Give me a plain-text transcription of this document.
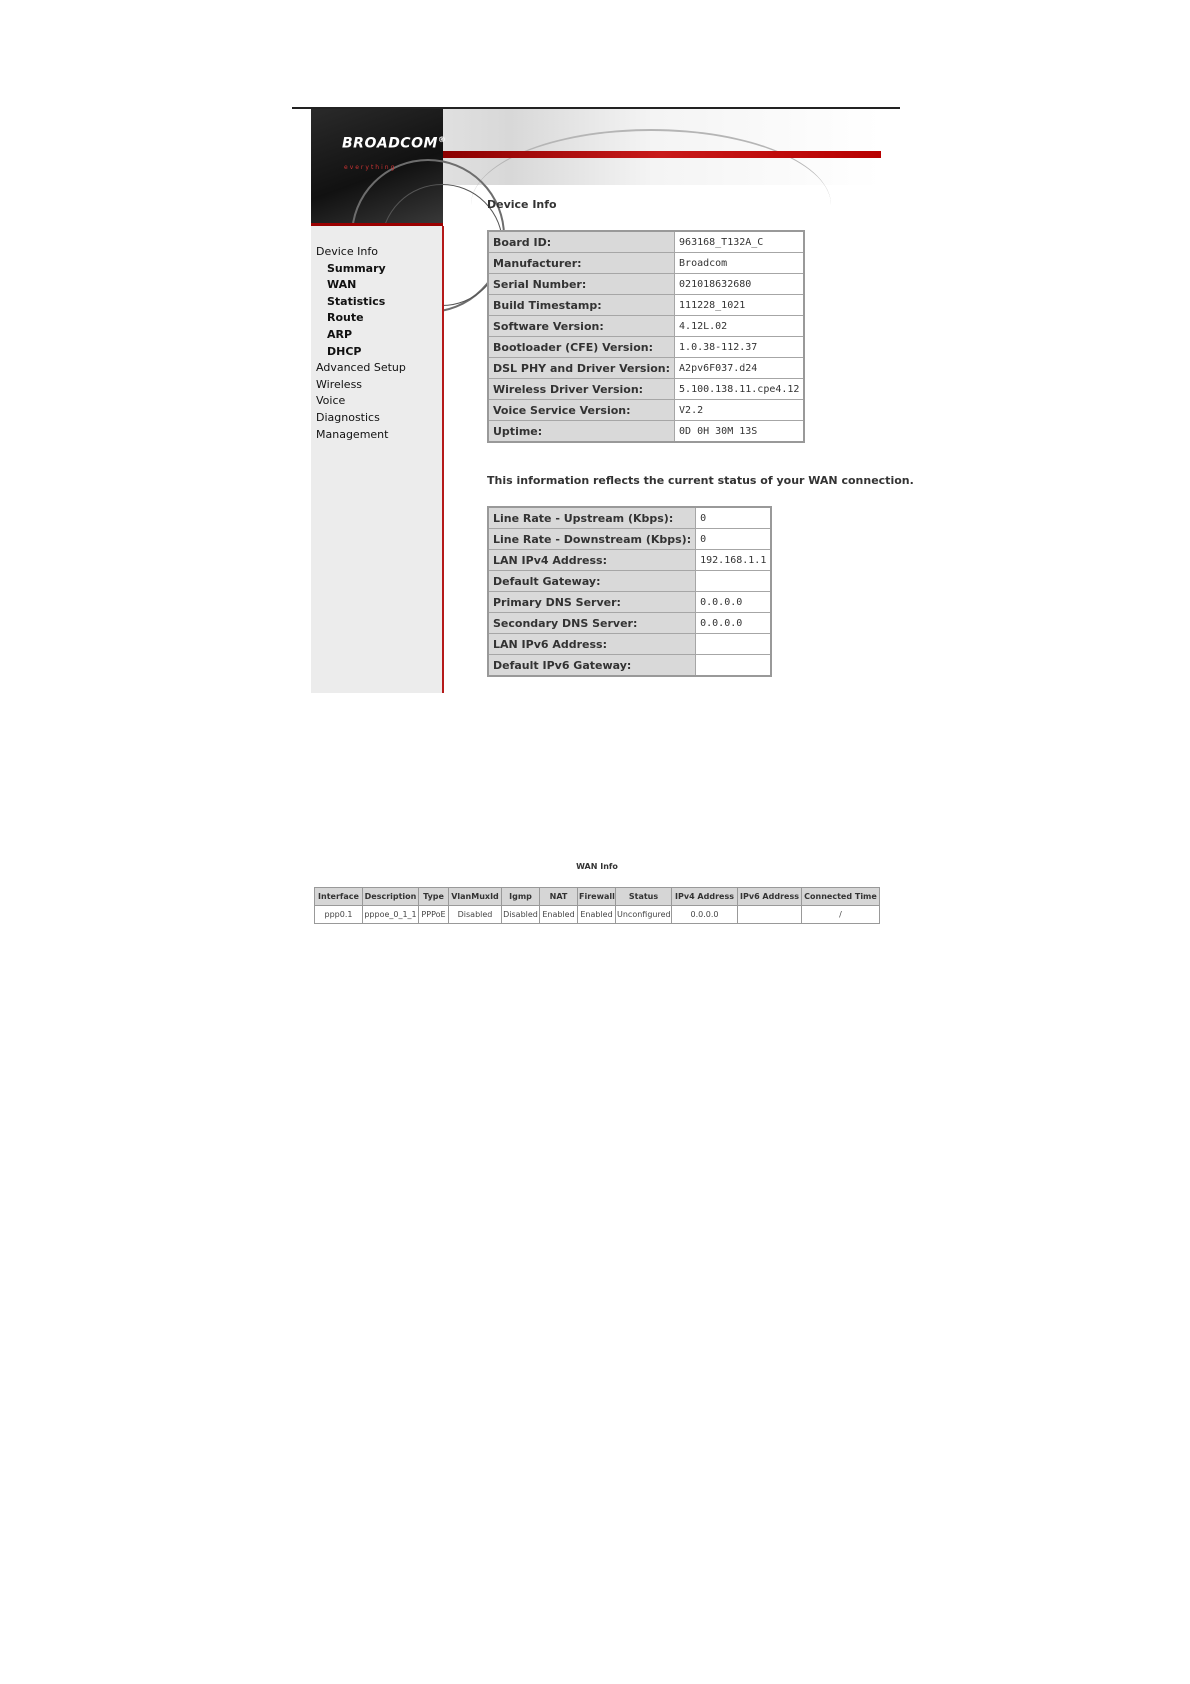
BROADCOM®
everything
Device Info
Summary
WAN
Statistics
Route
ARP
DHCP
Advanced Setup
Wireless
Voice
Diagnostics
Management
Device Info
Board ID:	963168_T132A_C
Manufacturer:	Broadcom
Serial Number:	021018632680
Build Timestamp:	111228_1021
Software Version:	4.12L.02
Bootloader (CFE) Version:	1.0.38-112.37
DSL PHY and Driver Version:	A2pv6F037.d24
Wireless Driver Version:	5.100.138.11.cpe4.12
Voice Service Version:	V2.2
Uptime:	0D 0H 30M 13S
This information reflects the current status of your WAN connection.
Line Rate - Upstream (Kbps):	0
Line Rate - Downstream (Kbps):	0
LAN IPv4 Address:	192.168.1.1
Default Gateway:	
Primary DNS Server:	0.0.0.0
Secondary DNS Server:	0.0.0.0
LAN IPv6 Address:	
Default IPv6 Gateway:	
WAN Info
Interface	Description	Type	VlanMuxId	Igmp	NAT	Firewall	Status	IPv4 Address	IPv6 Address	Connected Time
ppp0.1	pppoe_0_1_1	PPPoE	Disabled	Disabled	Enabled	Enabled	Unconfigured	0.0.0.0		/
